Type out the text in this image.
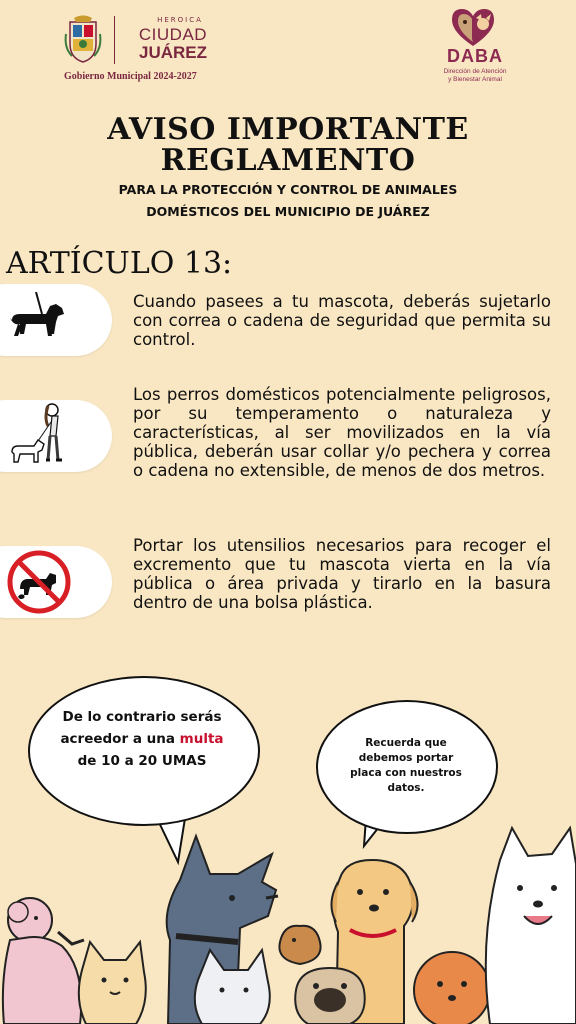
HEROICA
CIUDAD
JUÁREZ
Gobierno Municipal 2024-2027
DABA
Dirección de Atención
y Bienestar Animal
AVISO IMPORTANTE
REGLAMENTO
PARA LA PROTECCIÓN Y CONTROL DE ANIMALES
DOMÉSTICOS DEL MUNICIPIO DE JUÁREZ
ARTÍCULO 13:
Cuando pasees a tu mascota, deberás sujetarlo con correa o cadena de seguridad que permita su control.
Los perros domésticos potencialmente peligrosos, por su temperamento o naturaleza y características, al ser movilizados en la vía pública, deberán usar collar y/o pechera y correa o cadena no extensible, de menos de dos metros.
Portar los utensilios necesarios para recoger el excremento que tu mascota vierta en la vía pública o área privada y tirarlo en la basura dentro de una bolsa plástica.
De lo contrario serás
acreedor a una multa
de 10 a 20 UMAS
Recuerda que
debemos portar
placa con nuestros
datos.
